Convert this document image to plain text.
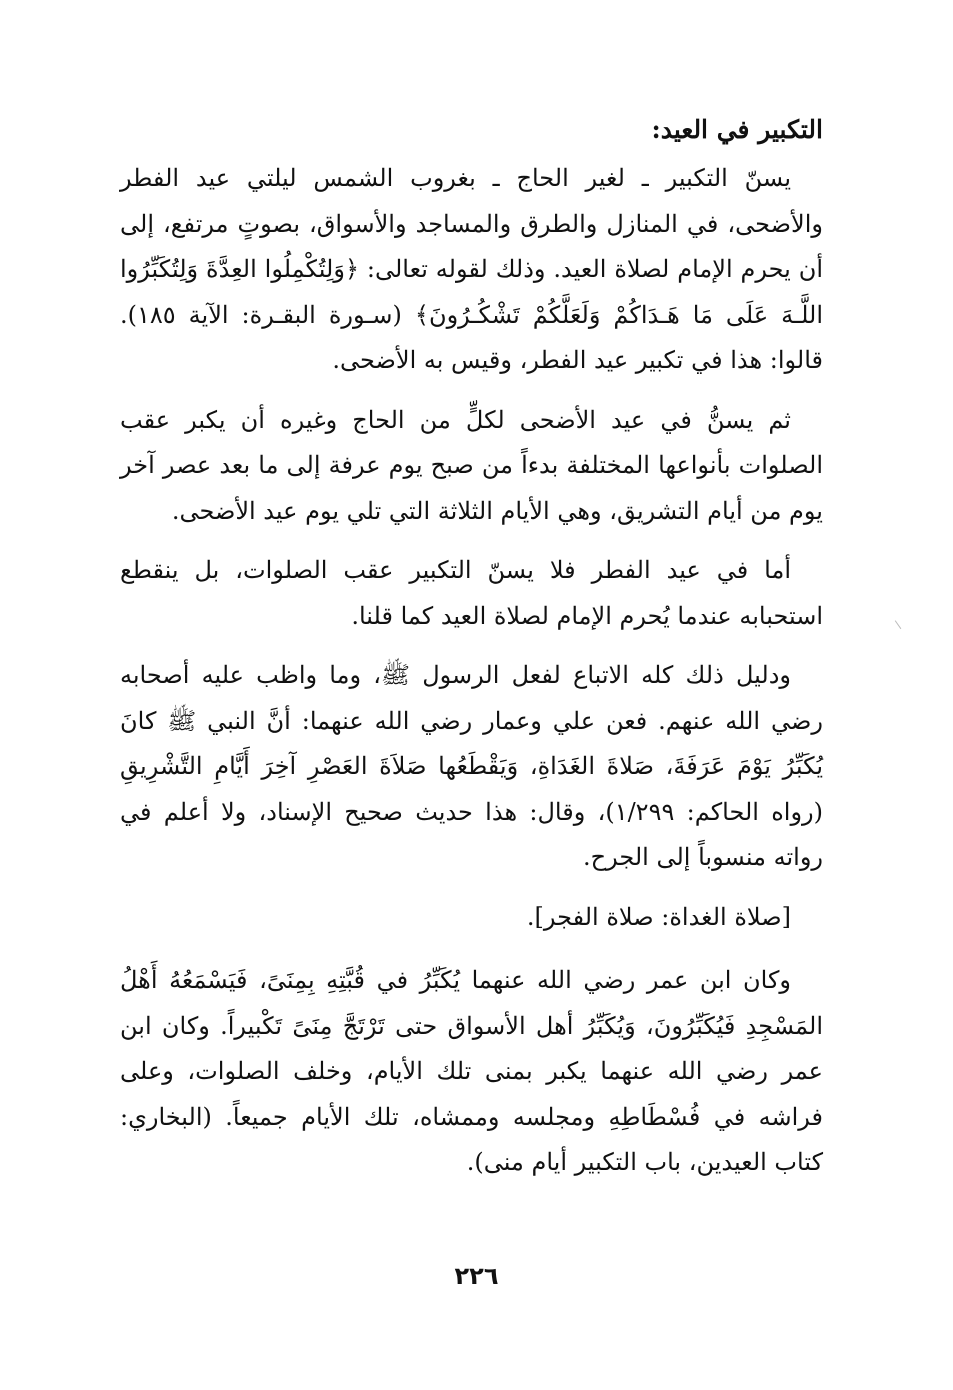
التكبير في العيد:

يسنّ التكبير ـ لغير الحاج ـ بغروب الشمس ليلتي عيد الفطر والأضحى، في المنازل والطرق والمساجد والأسواق، بصوتٍ مرتفع، إلى أن يحرم الإمام لصلاة العيد. وذلك لقوله تعالى: ﴿وَلِتُكْمِلُوا العِدَّةَ وَلِتُكَبِّرُوا اللَّـهَ عَلَى مَا هَـدَاكُمْ وَلَعَلَّكُمْ تَشْكُـرُونَ﴾ (سـورة البقـرة: الآية ١٨٥). قالوا: هذا في تكبير عيد الفطر، وقيس به الأضحى.

ثم يسنُّ في عيد الأضحى لكلٍّ من الحاج وغيره أن يكبر عقب الصلوات بأنواعها المختلفة بدءاً من صبح يوم عرفة إلى ما بعد عصر آخر يوم من أيام التشريق، وهي الأيام الثلاثة التي تلي يوم عيد الأضحى.

أما في عيد الفطر فلا يسنّ التكبير عقب الصلوات، بل ينقطع استحبابه عندما يُحرم الإمام لصلاة العيد كما قلنا.

ودليل ذلك كله الاتباع لفعل الرسول ﷺ، وما واظب عليه أصحابه رضي الله عنهم. فعن علي وعمار رضي الله عنهما: أنَّ النبي ﷺ كانَ يُكَبِّرُ يَوْمَ عَرَفَةَ، صَلاةَ الغَدَاةِ، وَيَقْطَعُها صَلاَةَ العَصْرِ آخِرَ أَيَّامِ التَّشْرِيقِ (رواه الحاكم: ١/٢٩٩)، وقال: هذا حديث صحيح الإسناد، ولا أعلم في رواته منسوباً إلى الجرح.

[صلاة الغداة: صلاة الفجر].

وكان ابن عمر رضي الله عنهما يُكَبِّرُ في قُبَّتِهِ بِمِنَىً، فَيَسْمَعُهُ أَهْلُ المَسْجِدِ فَيُكَبِّرُونَ، وَيُكَبِّرُ أهل الأسواق حتى تَرْتَجَّ مِنَىً تَكْبيراً. وكان ابن عمر رضي الله عنهما يكبر بمنى تلك الأيام، وخلف الصلوات، وعلى فراشه في فُسْطَاطِهِ ومجلسه وممشاه، تلك الأيام جميعاً. (البخاري: كتاب العيدين، باب التكبير أيام منى).

٢٢٦
